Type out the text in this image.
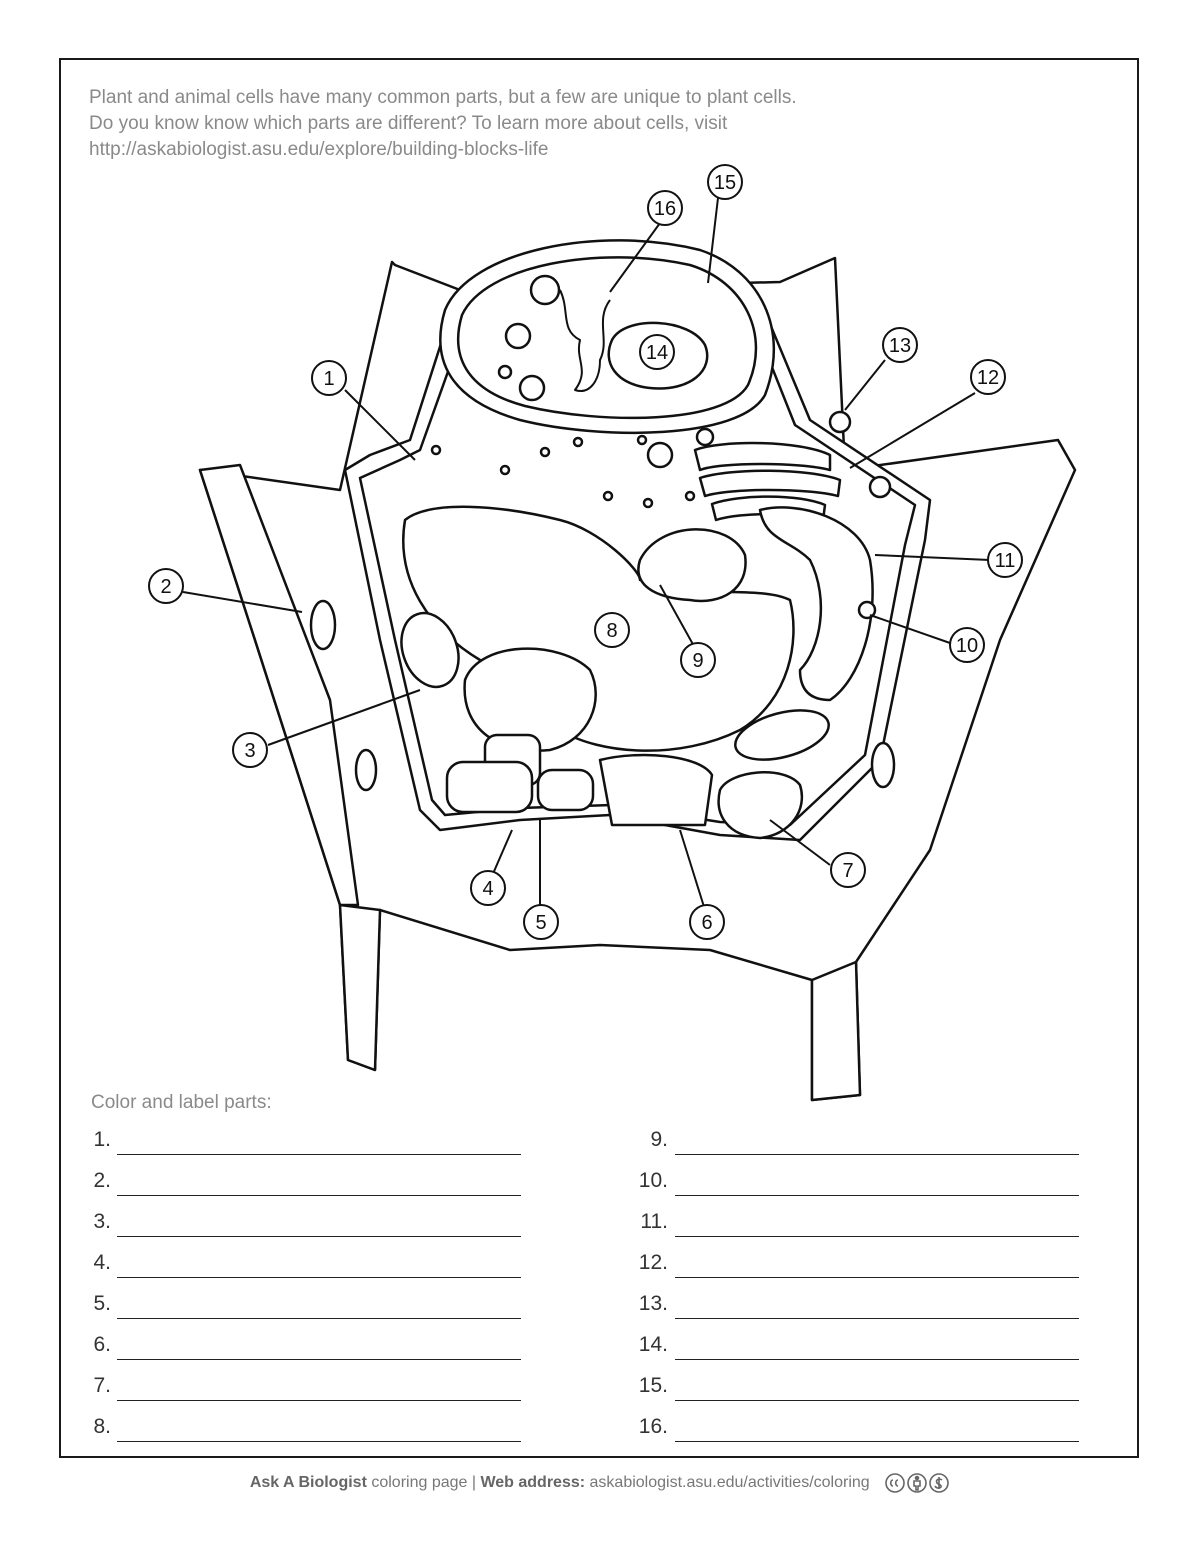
Plant and animal cells have many common parts, but a few are unique to plant cells.
Do you know know which parts are different? To learn more about cells, visit
http://askabiologist.asu.edu/explore/building-blocks-life
1
2
3
4
5	6
7
8
9
10
11
12
13
14
15
16
Color and label parts:
1.
2.
3.
4.
5.
6.
7.
8.
9.
10.
11.
12.
13.
14.
15.
16.
Ask A Biologist coloring page | Web address: askabiologist.asu.edu/activities/coloring
